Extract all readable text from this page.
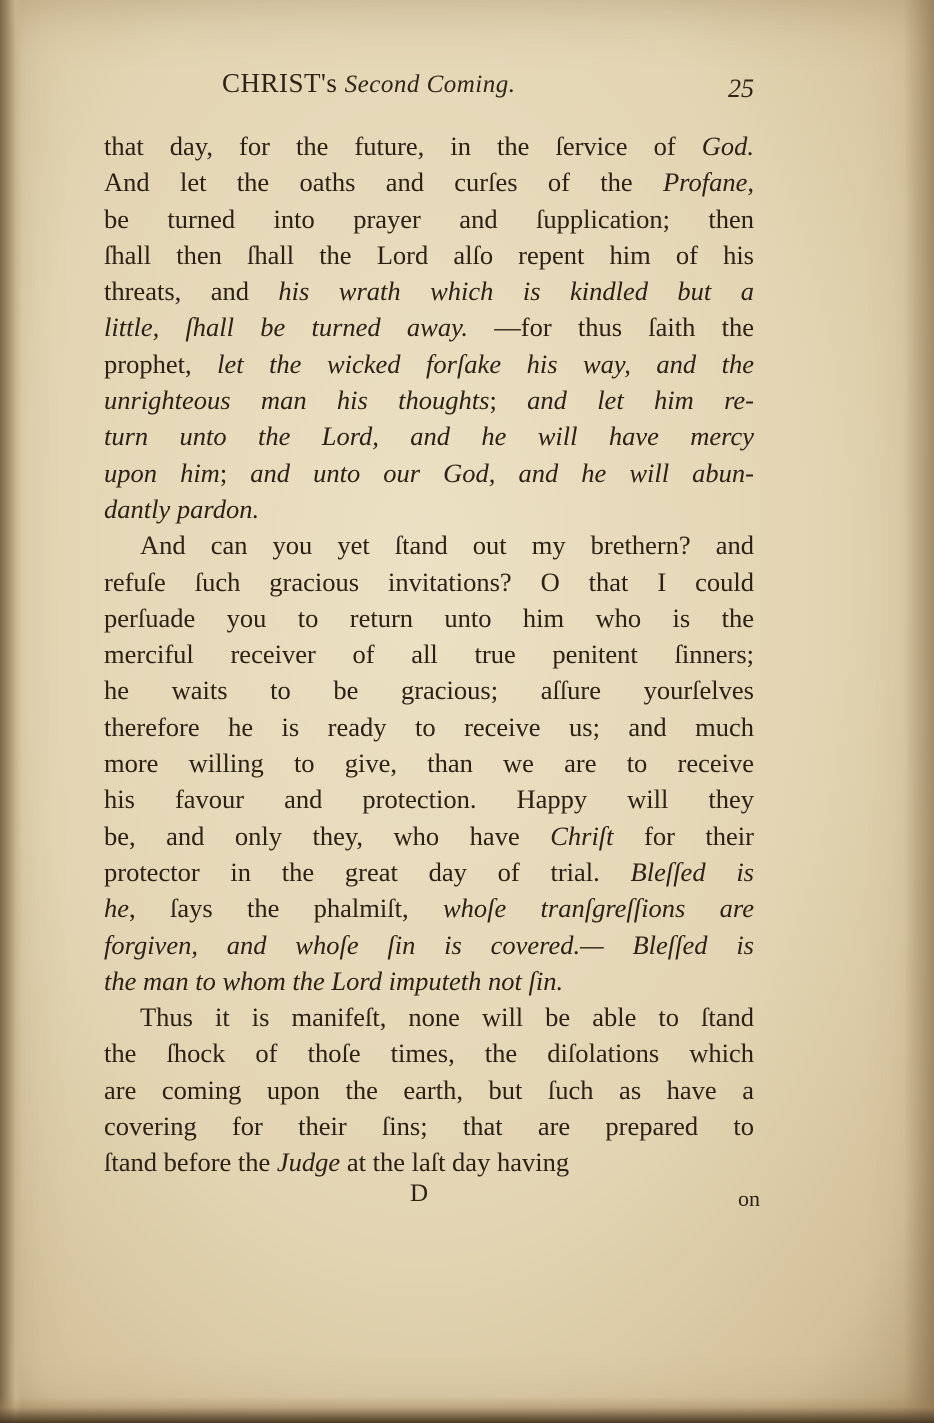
CHRIST's Second Coming.	25
that day, for the future, in the ſervice of God.
And let the oaths and curſes of the Profane,
be turned into prayer and ſupplication; then
ſhall then ſhall the Lord alſo repent him of his
threats, and his wrath which is kindled but a
little, ſhall be turned away. —for thus ſaith the
prophet, let the wicked forſake his way, and the
unrighteous man his thoughts; and let him re-
turn unto the Lord, and he will have mercy
upon him; and unto our God, and he will abun-
dantly pardon.
And can you yet ſtand out my brethern? and
refuſe ſuch gracious invitations? O that I could
perſuade you to return unto him who is the
merciful receiver of all true penitent ſinners;
he waits to be gracious; aſſure yourſelves
therefore he is ready to receive us; and much
more willing to give, than we are to receive
his favour and protection. Happy will they
be, and only they, who have Chriſt for their
protector in the great day of trial. Bleſſed is
he, ſays the phalmiſt, whoſe tranſgreſſions are
forgiven, and whoſe ſin is covered.— Bleſſed is
the man to whom the Lord imputeth not ſin.
Thus it is manifeſt, none will be able to ſtand
the ſhock of thoſe times, the diſolations which
are coming upon the earth, but ſuch as have a
covering for their ſins; that are prepared to
ſtand before the Judge at the laſt day having
D	on
